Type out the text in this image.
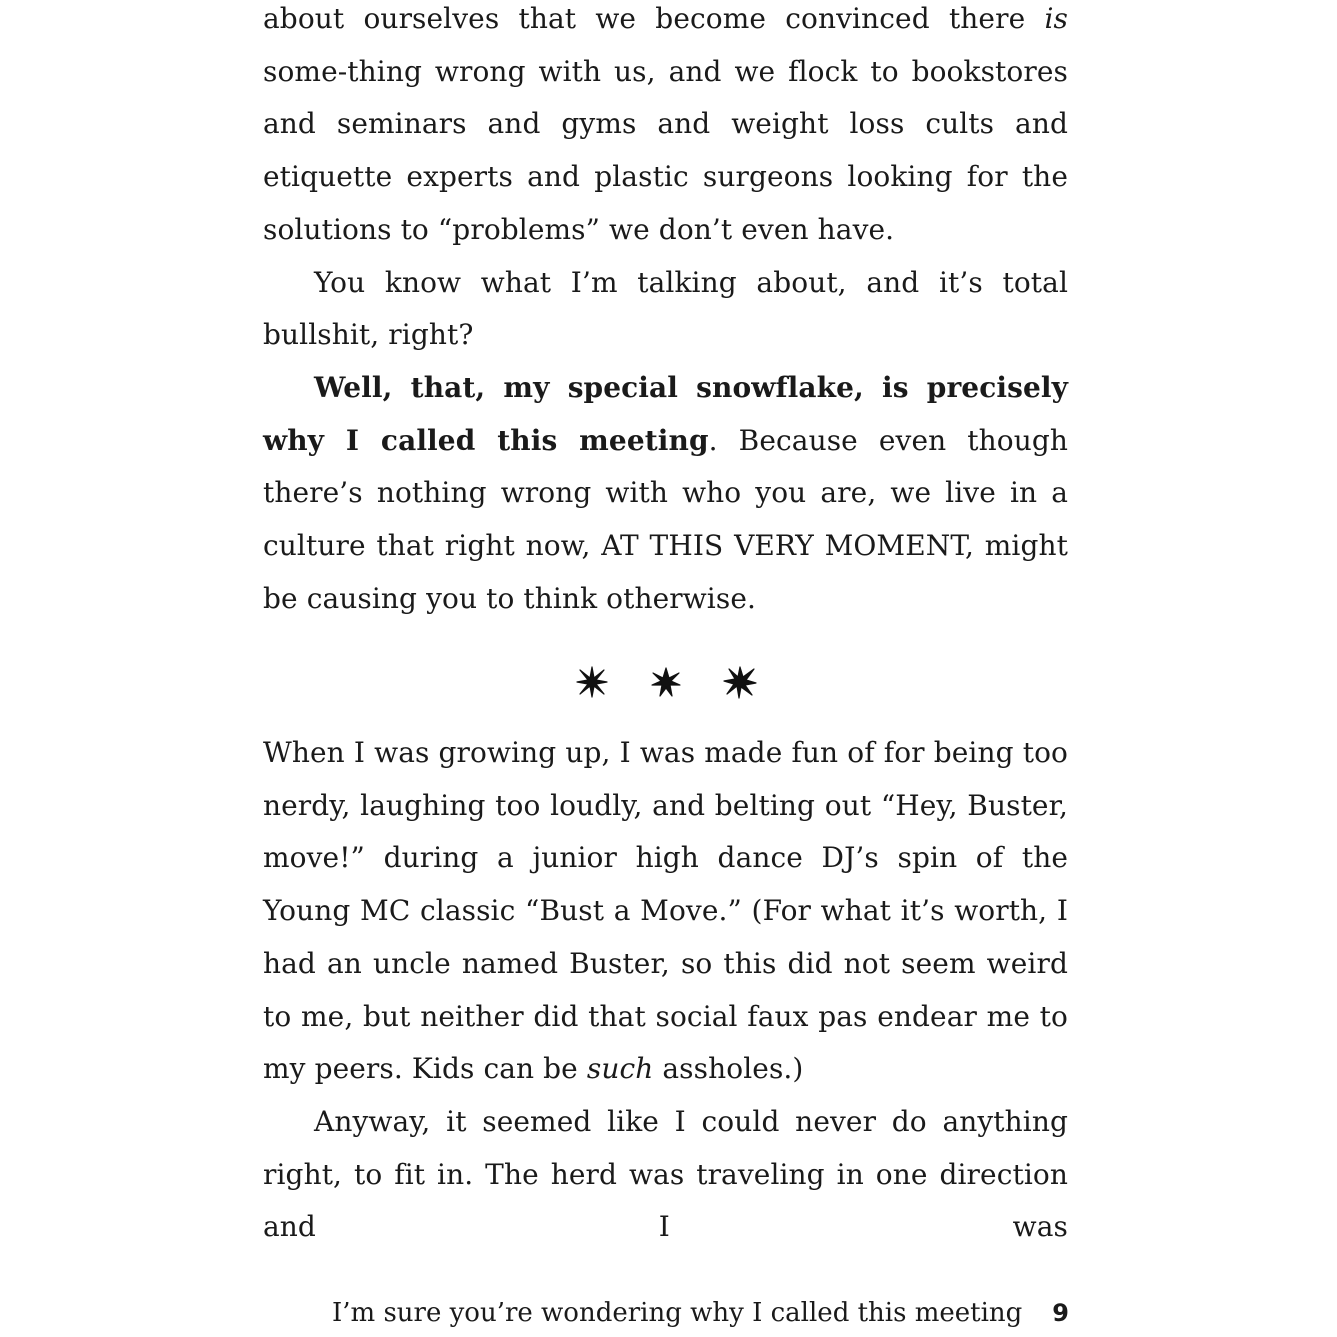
about ourselves that we become convinced there is some-thing wrong with us, and we flock to bookstores and seminars and gyms and weight loss cults and etiquette experts and plastic surgeons looking for the solutions to “problems” we don’t even have.

You know what I’m talking about, and it’s total bullshit, right?

Well, that, my special snowflake, is precisely why I called this meeting. Because even though there’s nothing wrong with who you are, we live in a culture that right now, AT THIS VERY MOMENT, might be causing you to think otherwise.

When I was growing up, I was made fun of for being too nerdy, laughing too loudly, and belting out “Hey, Buster, move!” during a junior high dance DJ’s spin of the Young MC classic “Bust a Move.” (For what it’s worth, I had an uncle named Buster, so this did not seem weird to me, but neither did that social faux pas endear me to my peers. Kids can be such assholes.)

Anyway, it seemed like I could never do anything right, to fit in. The herd was traveling in one direction and I was

I’m sure you’re wondering why I called this meeting 9
